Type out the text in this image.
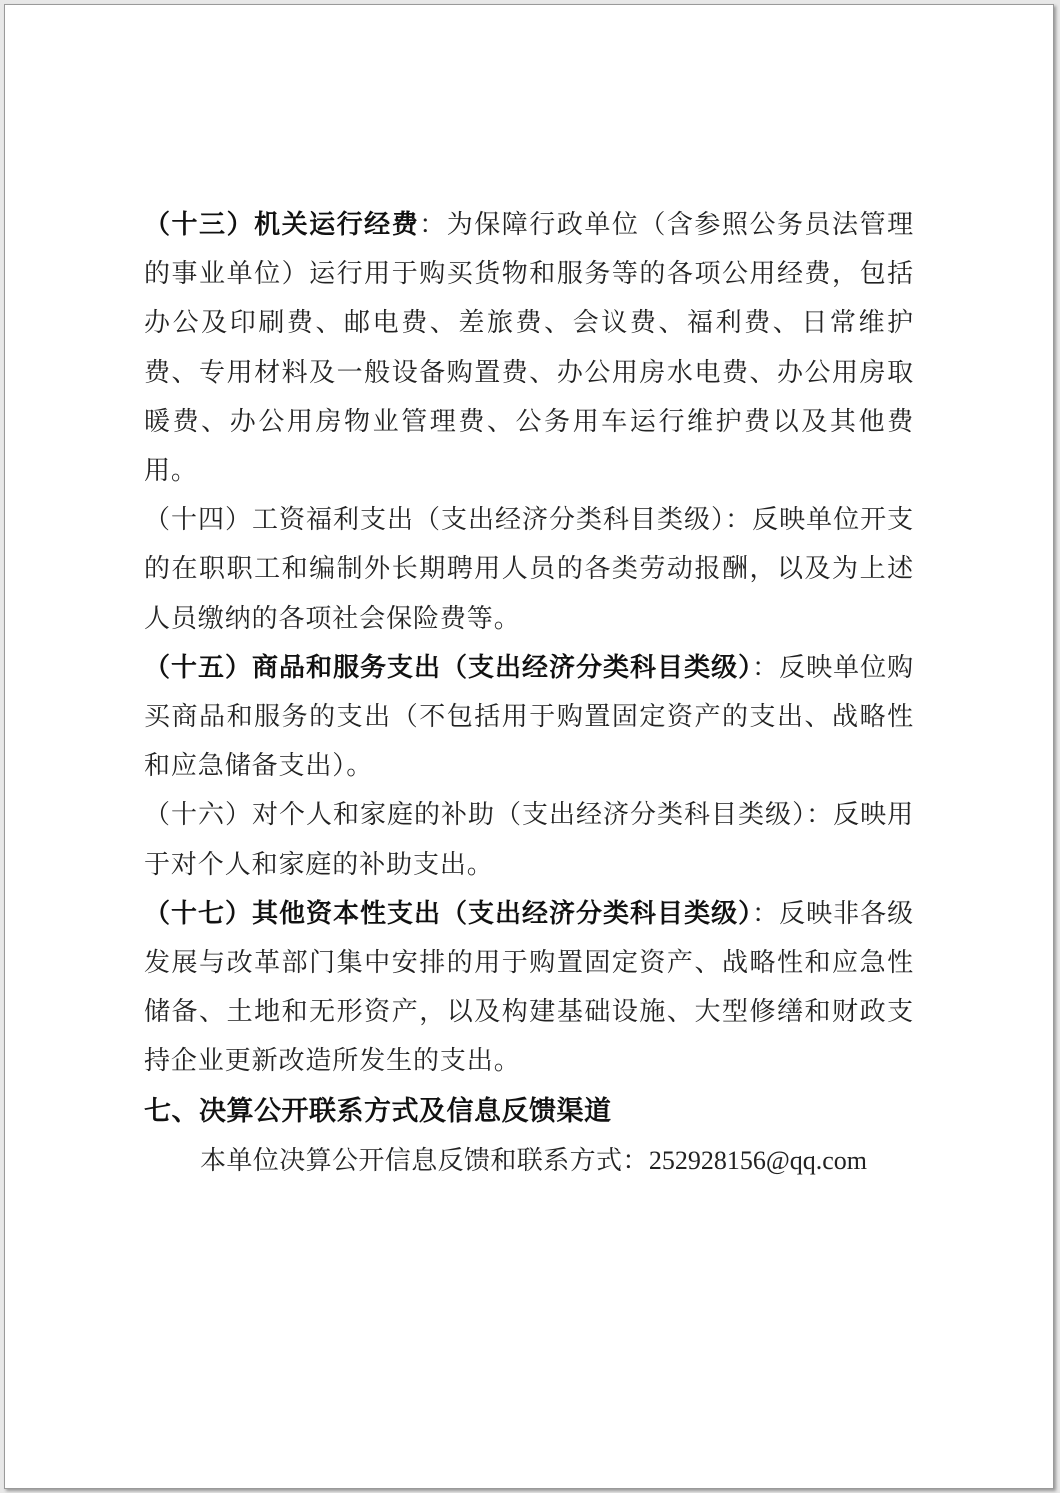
（十三）机关运行经费：为保障行政单位（含参照公务员法管理的事业单位）运行用于购买货物和服务等的各项公用经费，包括办公及印刷费、邮电费、差旅费、会议费、福利费、日常维护 费、专用材料及一般设备购置费、办公用房水电费、办公用房取暖费、办公用房物业管理费、公务用车运行维护费以及其他费用。

（十四）工资福利支出（支出经济分类科目类级）：反映单位开支的在职职工和编制外长期聘用人员的各类劳动报酬，以及为上述人员缴纳的各项社会保险费等。

（十五）商品和服务支出（支出经济分类科目类级）：反映单位购买商品和服务的支出（不包括用于购置固定资产的支出、战略性和应急储备支出）。

（十六）对个人和家庭的补助（支出经济分类科目类级）：反映用于对个人和家庭的补助支出。

（十七）其他资本性支出（支出经济分类科目类级）：反映非各级发展与改革部门集中安排的用于购置固定资产、战略性和应急性储备、土地和无形资产，以及构建基础设施、大型修缮和财政支持企业更新改造所发生的支出。

七、决算公开联系方式及信息反馈渠道

本单位决算公开信息反馈和联系方式：252928156@qq.com
